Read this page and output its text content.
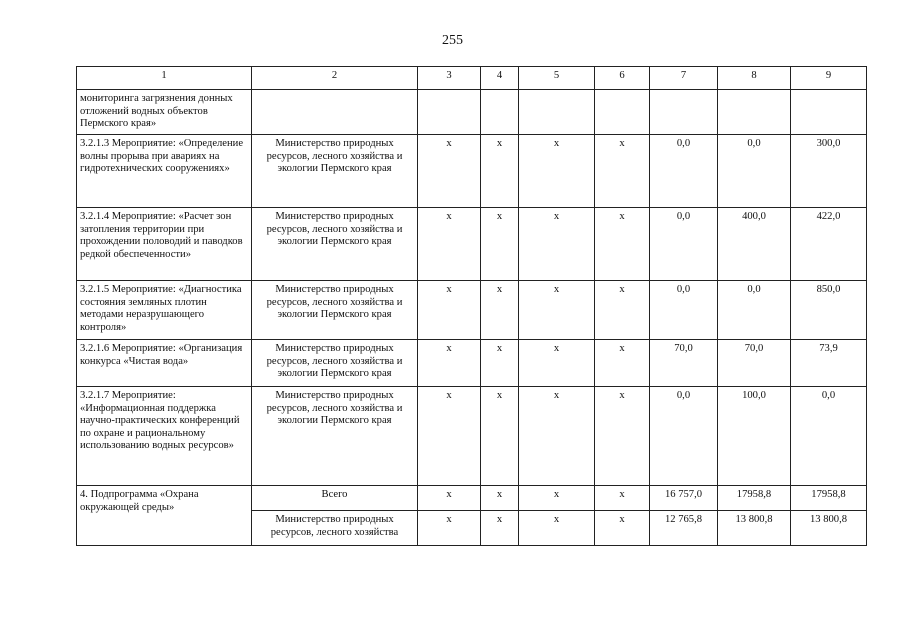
255
1	2	3	4	5	6	7	8	9
мониторинга загрязнения донных отложений водных объектов Пермского края»								
3.2.1.3 Мероприятие: «Определение волны прорыва при авариях на гидротехнических сооружениях»	Министерство природных ресурсов, лесного хозяйства и экологии Пермского края	х	х	х	х	0,0	0,0	300,0
3.2.1.4 Мероприятие: «Расчет зон затопления территории при прохождении половодий и паводков редкой обеспеченности»	Министерство природных ресурсов, лесного хозяйства и экологии Пермского края	х	х	х	х	0,0	400,0	422,0
3.2.1.5 Мероприятие: «Диагностика состояния земляных плотин методами неразрушающего контроля»	Министерство природных ресурсов, лесного хозяйства и экологии Пермского края	х	х	х	х	0,0	0,0	850,0
3.2.1.6 Мероприятие: «Организация конкурса «Чистая вода»	Министерство природных ресурсов, лесного хозяйства и экологии Пермского края	х	х	х	х	70,0	70,0	73,9
3.2.1.7 Мероприятие: «Информационная поддержка научно-практических конференций по охране и рациональному использованию водных ресурсов»	Министерство природных ресурсов, лесного хозяйства и экологии Пермского края	х	х	х	х	0,0	100,0	0,0
4. Подпрограмма «Охрана окружающей среды»	Всего	х	х	х	х	16 757,0	17958,8	17958,8
	Министерство природных ресурсов, лесного хозяйства	х	х	х	х	12 765,8	13 800,8	13 800,8
